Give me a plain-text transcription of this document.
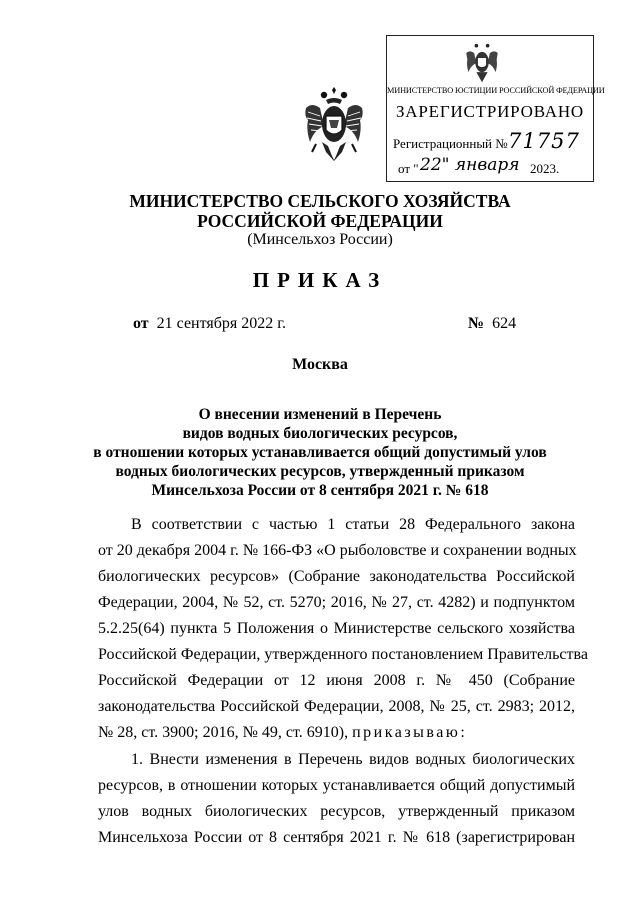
МИНИСТЕРСТВО ЮСТИЦИИ РОССИЙСКОЙ ФЕДЕРАЦИИ
ЗАРЕГИСТРИРОВАНО
Регистрационный № 71757
от " 22" января 2023.
МИНИСТЕРСТВО СЕЛЬСКОГО ХОЗЯЙСТВА
РОССИЙСКОЙ ФЕДЕРАЦИИ
(Минсельхоз России)
ПРИКАЗ
от 21 сентября 2022 г.	№ 624
Москва
О внесении изменений в Перечень
видов водных биологических ресурсов,
в отношении которых устанавливается общий допустимый улов
водных биологических ресурсов, утвержденный приказом
Минсельхоза России от 8 сентября 2021 г. № 618
В соответствии с частью 1 статьи 28 Федерального закона
от 20 декабря 2004 г. № 166-ФЗ «О рыболовстве и сохранении водных
биологических ресурсов» (Собрание законодательства Российской
Федерации, 2004, № 52, ст. 5270; 2016, № 27, ст. 4282) и подпунктом
5.2.25(64) пункта 5 Положения о Министерстве сельского хозяйства
Российской Федерации, утвержденного постановлением Правительства
Российской Федерации от 12 июня 2008 г. № 450 (Собрание
законодательства Российской Федерации, 2008, № 25, ст. 2983; 2012,
№ 28, ст. 3900; 2016, № 49, ст. 6910), приказываю:
1. Внести изменения в Перечень видов водных биологических
ресурсов, в отношении которых устанавливается общий допустимый
улов водных биологических ресурсов, утвержденный приказом
Минсельхоза России от 8 сентября 2021 г. № 618 (зарегистрирован
